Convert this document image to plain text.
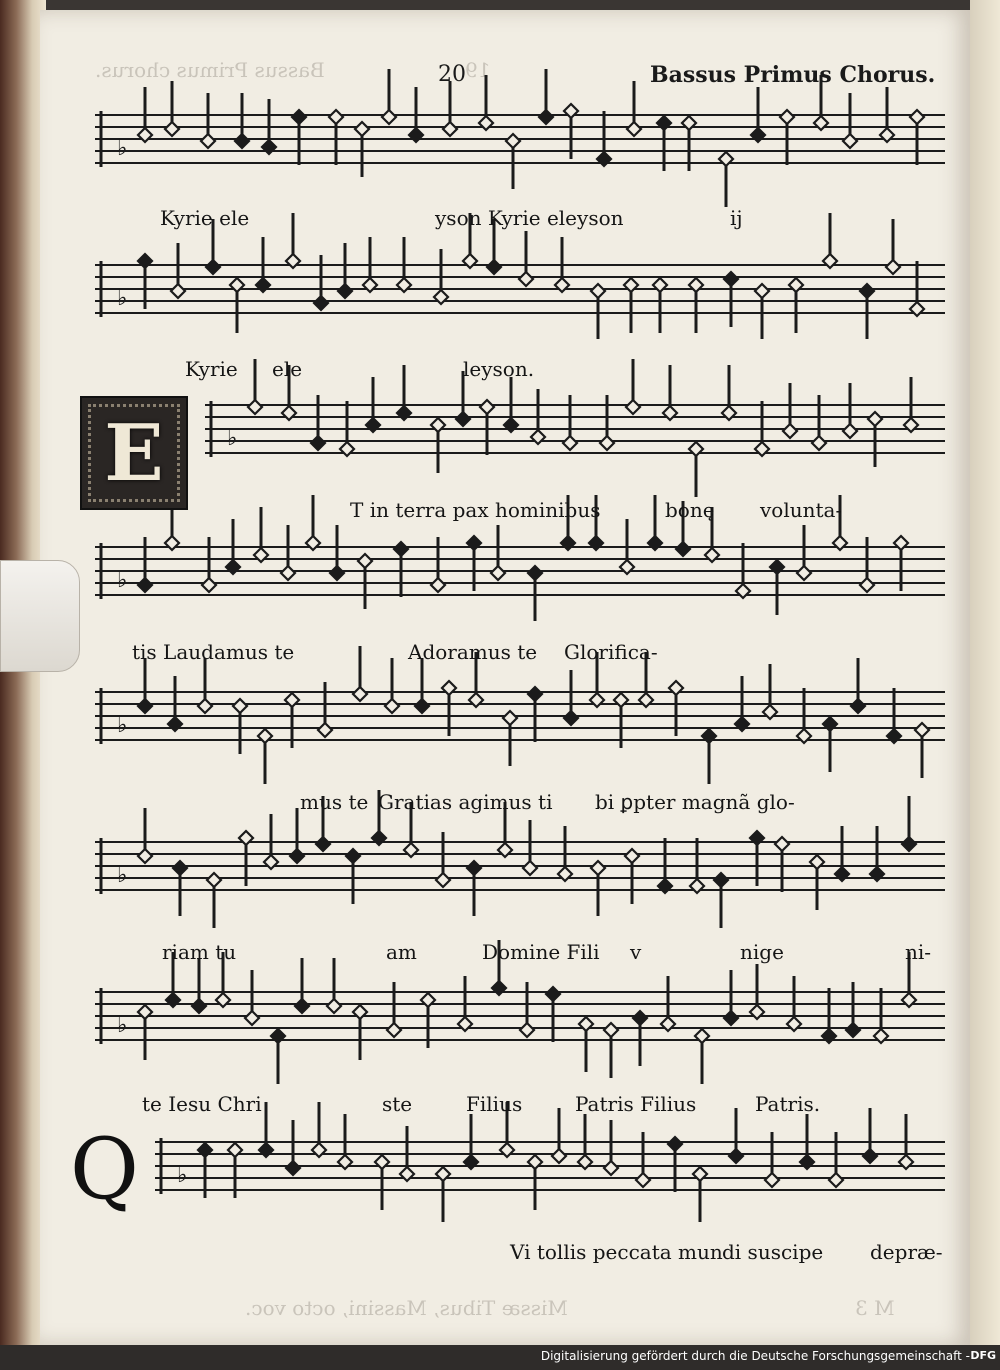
Bassus Primus chorus.	19
Missæ Tibus, Massini, octo voc.	M 3
20	Bassus Primus Chorus.
♭
♭
♭
♭
♭
♭
♭
♭
E
Q
Kyrie ele	yson Kyrie eleyson	ij
Kyrie ele	leyson.
T in terra pax hominibus	bonę volunta-
tis Laudamus te	Adoramus te Glorifica-
mus te Gratias agimus ti bi ꝑpter magnã glo-
riam tu	am	Domine Fili v	nige	ni-
te Iesu Chri	ste	Filius	Patris Filius	Patris.
Vi tollis peccata mun di suscipe depræ-
Digitalisierung gefördert durch die Deutsche Forschungsgemeinschaft - DFG
